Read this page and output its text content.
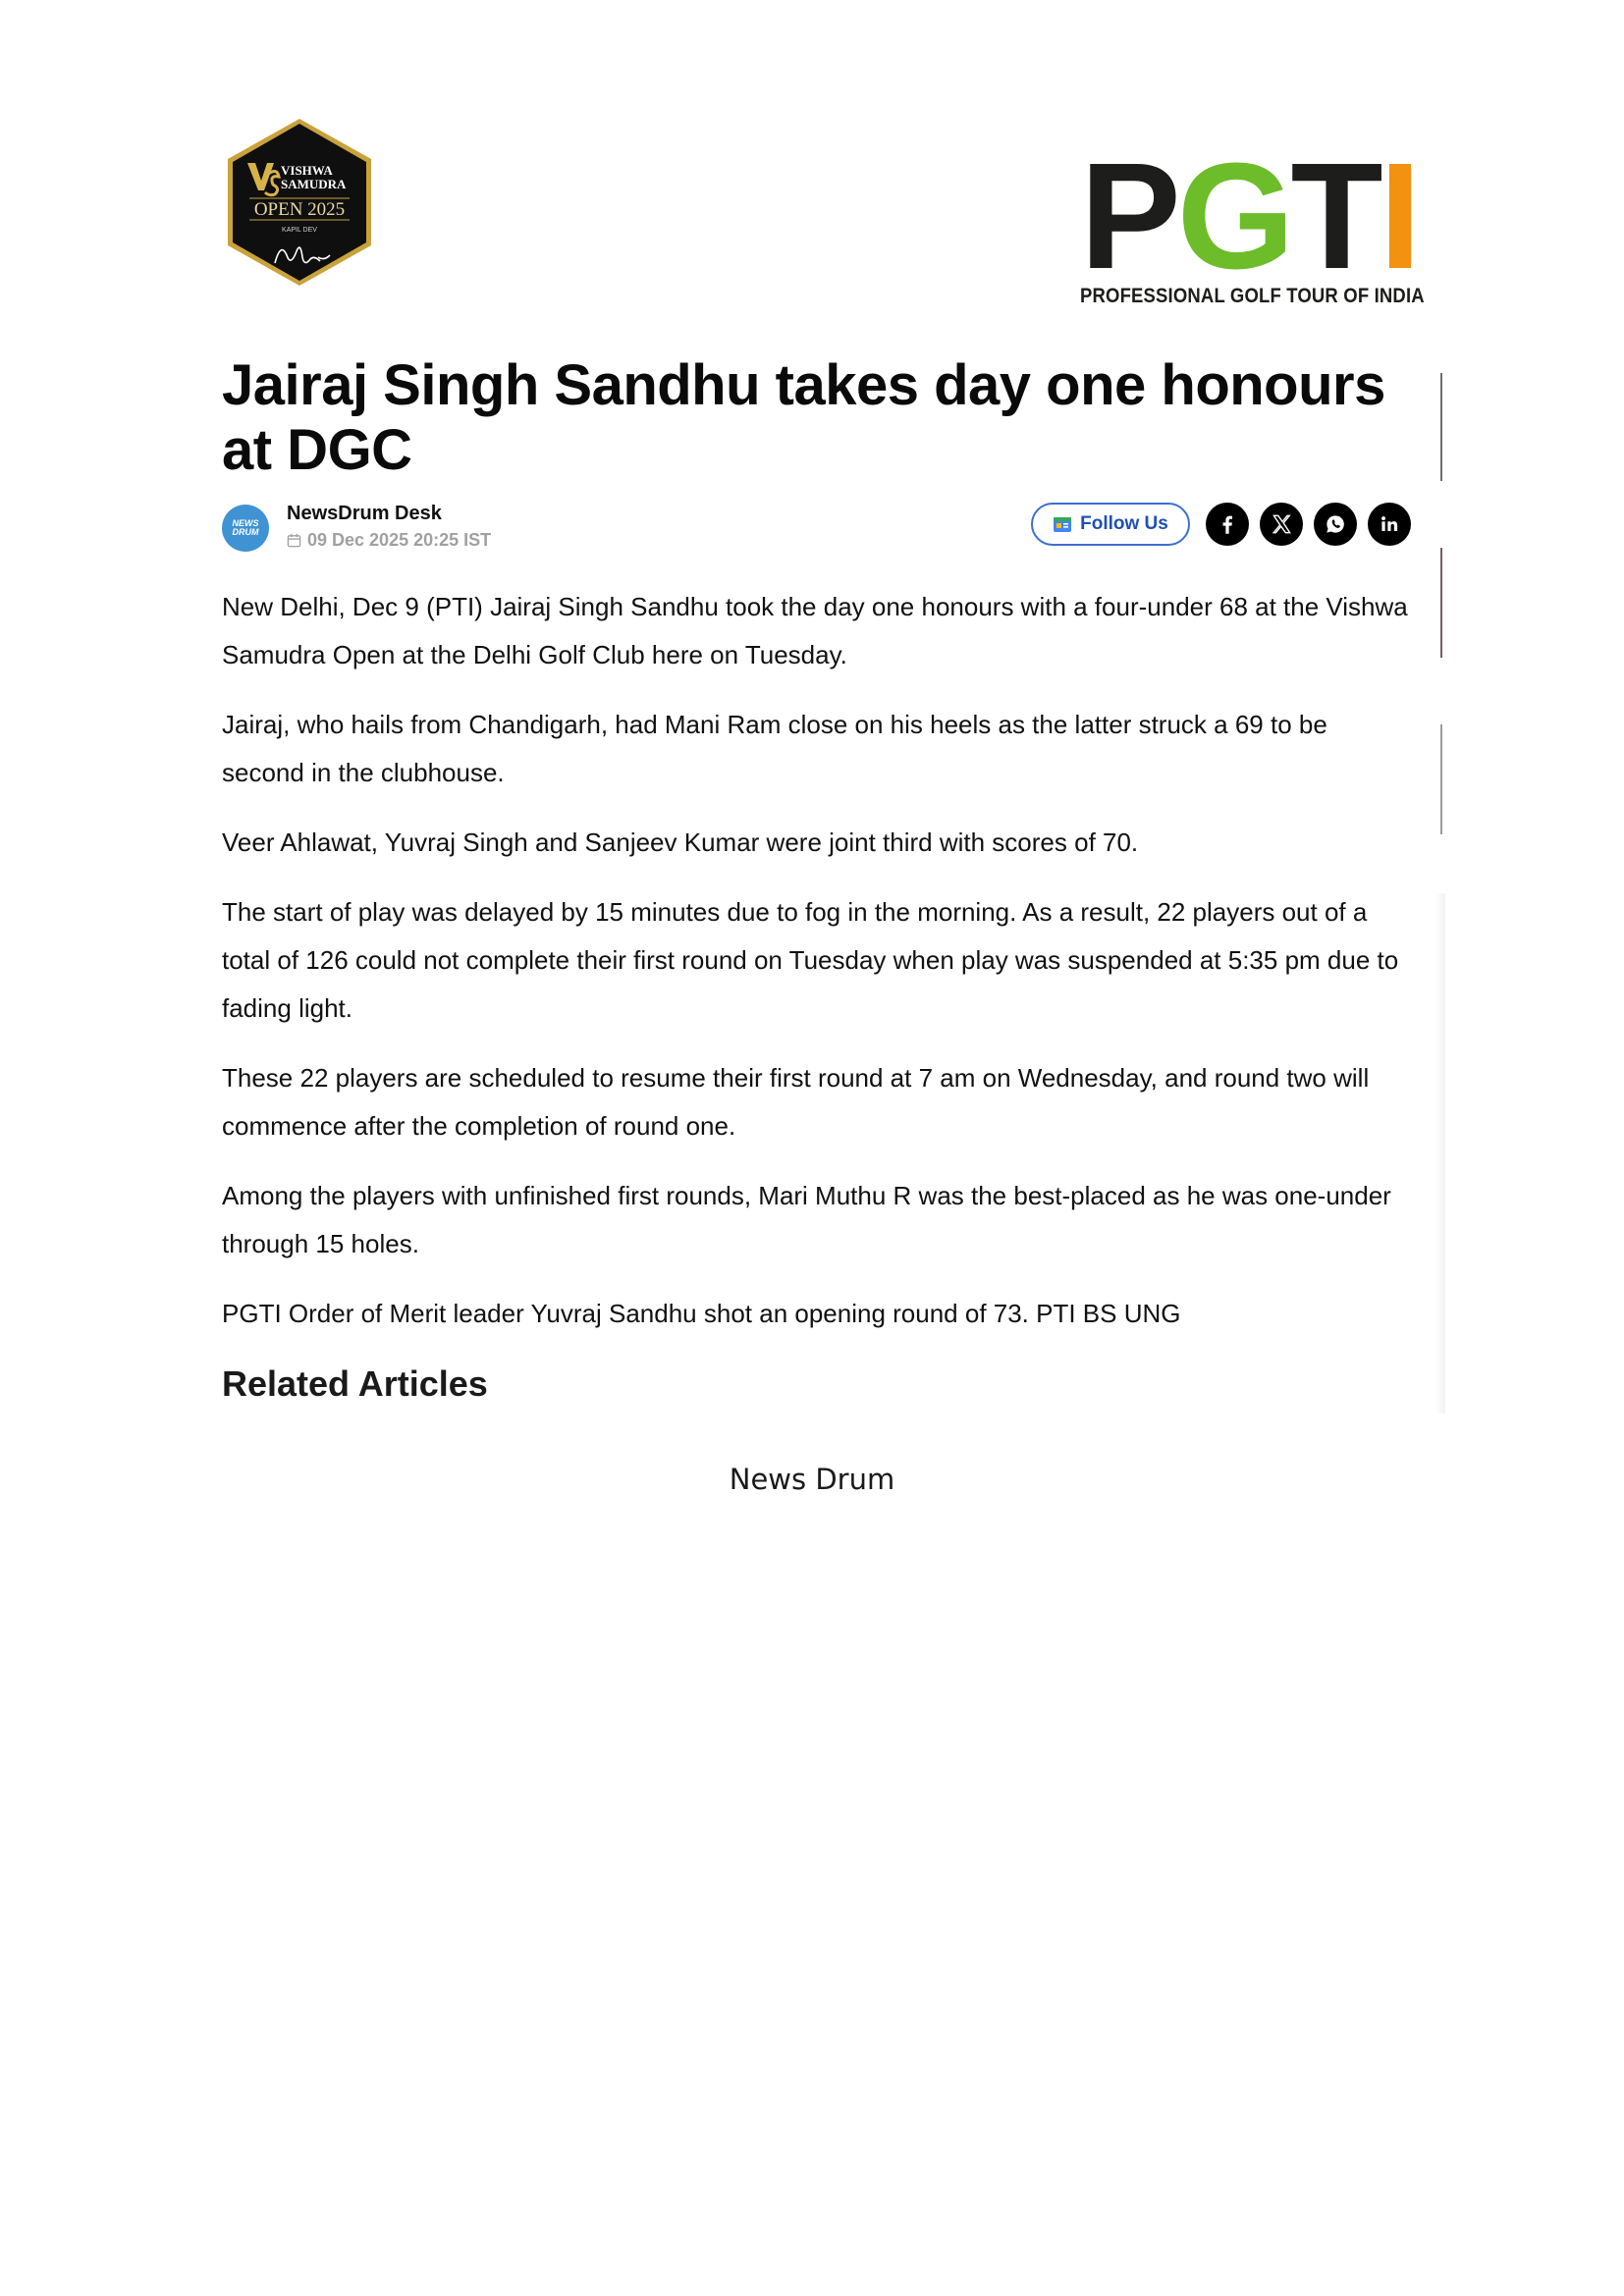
VISHWA
SAMUDRA
OPEN 2025
KAPIL DEV	P G T I
PROFESSIONAL GOLF TOUR OF INDIA
Jairaj Singh Sandhu takes day one honours at DGC
NEWS DRUM
NewsDrum Desk
09 Dec 2025 20:25 IST
Follow Us

New Delhi, Dec 9 (PTI) Jairaj Singh Sandhu took the day one honours with a four-under 68 at the Vishwa Samudra Open at the Delhi Golf Club here on Tuesday.

Jairaj, who hails from Chandigarh, had Mani Ram close on his heels as the latter struck a 69 to be second in the clubhouse.

Veer Ahlawat, Yuvraj Singh and Sanjeev Kumar were joint third with scores of 70.

The start of play was delayed by 15 minutes due to fog in the morning. As a result, 22 players out of a total of 126 could not complete their first round on Tuesday when play was suspended at 5:35 pm due to fading light.

These 22 players are scheduled to resume their first round at 7 am on Wednesday, and round two will commence after the completion of round one.

Among the players with unfinished first rounds, Mari Muthu R was the best-placed as he was one-under through 15 holes.

PGTI Order of Merit leader Yuvraj Sandhu shot an opening round of 73. PTI BS UNG

Related Articles
News Drum
